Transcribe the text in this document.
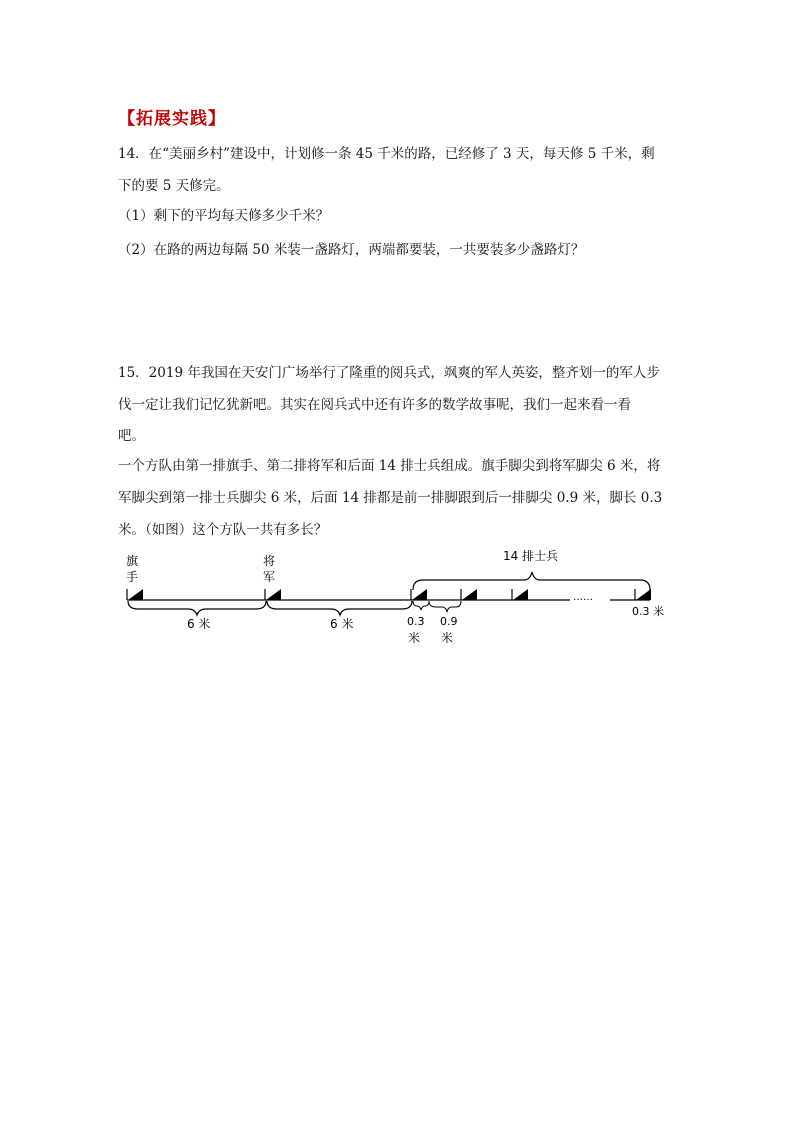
【拓展实践】
14．在“美丽乡村”建设中，计划修一条 45 千米的路，已经修了 3 天，每天修 5 千米，剩
下的要 5 天修完。
（1）剩下的平均每天修多少千米？
（2）在路的两边每隔 50 米装一盏路灯，两端都要装，一共要装多少盏路灯？
15．2019 年我国在天安门广场举行了隆重的阅兵式，飒爽的军人英姿，整齐划一的军人步
伐一定让我们记忆犹新吧。其实在阅兵式中还有许多的数学故事呢，我们一起来看一看
吧。
一个方队由第一排旗手、第二排将军和后面 14 排士兵组成。旗手脚尖到将军脚尖 6 米，将
军脚尖到第一排士兵脚尖 6 米，后面 14 排都是前一排脚跟到后一排脚尖 0.9 米，脚长 0.3
米。（如图）这个方队一共有多长？
旗
手
将
军
14 排士兵
6 米	6 米	0.3
米
0.9
米
……
0.3 米
